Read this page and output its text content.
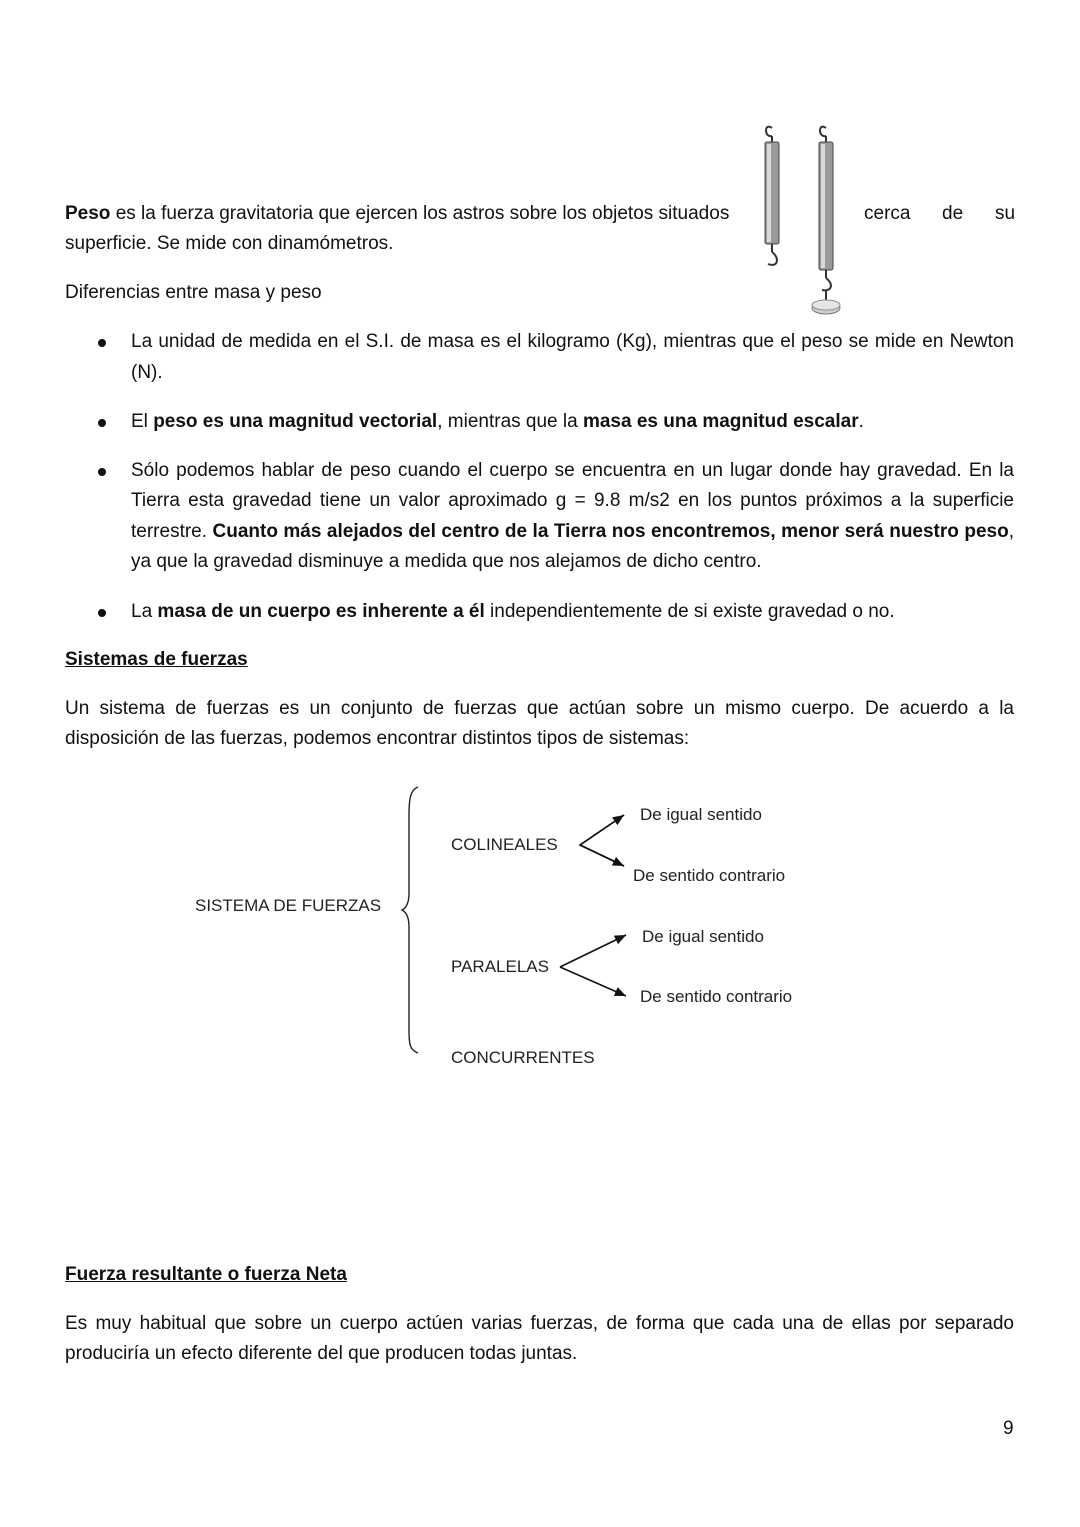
Peso es la fuerza gravitatoria que ejercen los astros sobre los objetos situados	cerca de su
superficie. Se mide con dinamómetros.
Diferencias entre masa y peso
La unidad de medida en el S.I. de masa es el kilogramo (Kg), mientras que el peso se mide en Newton
(N).
El peso es una magnitud vectorial, mientras que la masa es una magnitud escalar.
Sólo podemos hablar de peso cuando el cuerpo se encuentra en un lugar donde hay gravedad. En la
Tierra esta gravedad tiene un valor aproximado g = 9.8 m/s2 en los puntos próximos a la superficie
terrestre. Cuanto más alejados del centro de la Tierra nos encontremos, menor será nuestro peso,
ya que la gravedad disminuye a medida que nos alejamos de dicho centro.
La masa de un cuerpo es inherente a él independientemente de si existe gravedad o no.
Sistemas de fuerzas
Un sistema de fuerzas es un conjunto de fuerzas que actúan sobre un mismo cuerpo. De acuerdo a la
disposición de las fuerzas, podemos encontrar distintos tipos de sistemas:
SISTEMA DE FUERZAS
COLINEALES
De igual sentido
De sentido contrario
PARALELAS
De igual sentido
De sentido contrario
CONCURRENTES
Fuerza resultante o fuerza Neta
Es muy habitual que sobre un cuerpo actúen varias fuerzas, de forma que cada una de ellas por separado
produciría un efecto diferente del que producen todas juntas.
9
